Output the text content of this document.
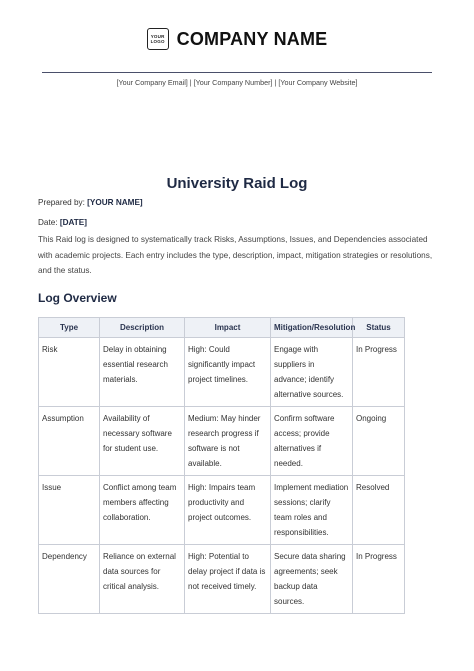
YOUR
LOGO COMPANY NAME
[Your Company Email] | [Your Company Number] | [Your Company Website]
University Raid Log
Prepared by: [YOUR NAME]
Date: [DATE]
This Raid log is designed to systematically track Risks, Assumptions, Issues, and Dependencies associated with academic projects. Each entry includes the type, description, impact, mitigation strategies or resolutions, and the status.
Log Overview
Type	Description	Impact	Mitigation/Resolution	Status
Risk	Delay in obtaining essential research materials.	High: Could significantly impact project timelines.	Engage with suppliers in advance; identify alternative sources.	In Progress
Assumption	Availability of necessary software for student use.	Medium: May hinder research progress if software is not available.	Confirm software access; provide alternatives if needed.	Ongoing
Issue	Conflict among team members affecting collaboration.	High: Impairs team productivity and project outcomes.	Implement mediation sessions; clarify team roles and responsibilities.	Resolved
Dependency	Reliance on external data sources for critical analysis.	High: Potential to delay project if data is not received timely.	Secure data sharing agreements; seek backup data sources.	In Progress
